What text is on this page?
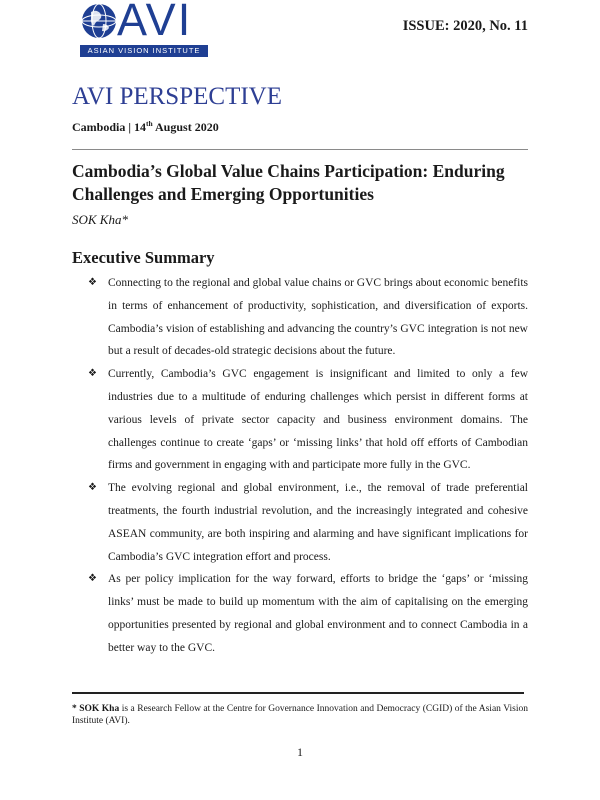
AVI
ASIAN VISION INSTITUTE
ISSUE: 2020, No. 11
AVI PERSPECTIVE
Cambodia | 14th August 2020
Cambodia’s Global Value Chains Participation: Enduring Challenges and Emerging Opportunities
SOK Kha*
Executive Summary
❖ Connecting to the regional and global value chains or GVC brings about economic benefits in terms of enhancement of productivity, sophistication, and diversification of exports. Cambodia’s vision of establishing and advancing the country’s GVC integration is not new but a result of decades-old strategic decisions about the future.
❖ Currently, Cambodia’s GVC engagement is insignificant and limited to only a few industries due to a multitude of enduring challenges which persist in different forms at various levels of private sector capacity and business environment domains. The challenges continue to create ‘gaps’ or ‘missing links’ that hold off efforts of Cambodian firms and government in engaging with and participate more fully in the GVC.
❖ The evolving regional and global environment, i.e., the removal of trade preferential treatments, the fourth industrial revolution, and the increasingly integrated and cohesive ASEAN community, are both inspiring and alarming and have significant implications for Cambodia’s GVC integration effort and process.
❖ As per policy implication for the way forward, efforts to bridge the ‘gaps’ or ‘missing links’ must be made to build up momentum with the aim of capitalising on the emerging opportunities presented by regional and global environment and to connect Cambodia in a better way to the GVC.
* SOK Kha is a Research Fellow at the Centre for Governance Innovation and Democracy (CGID) of the Asian Vision Institute (AVI).
1
